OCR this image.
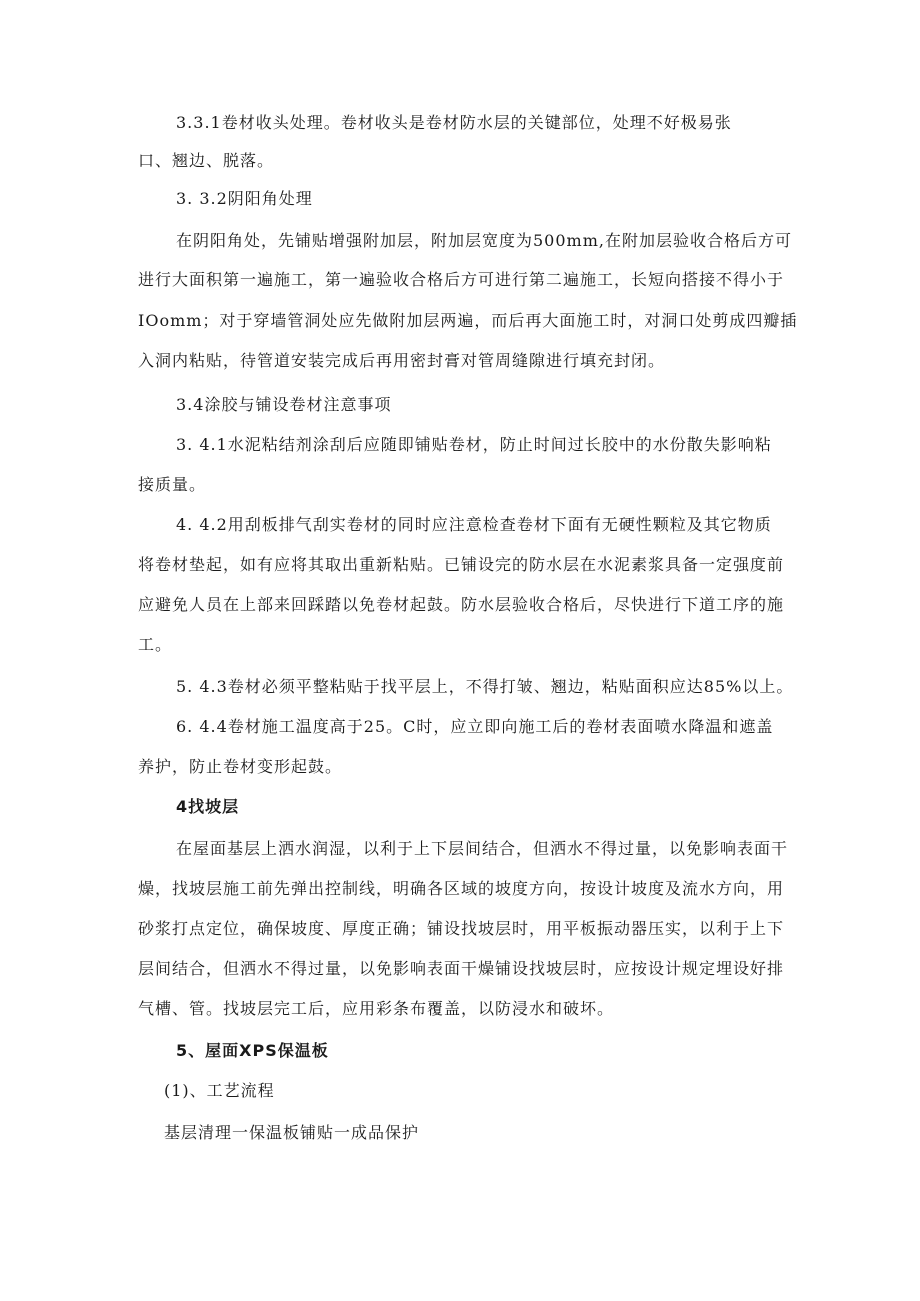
3.3.1卷材收头处理。卷材收头是卷材防水层的关键部位，处理不好极易张
口、翘边、脱落。
3. 3.2阴阳角处理
在阴阳角处，先铺贴增强附加层，附加层宽度为500mm,在附加层验收合格后方可
进行大面积第一遍施工，第一遍验收合格后方可进行第二遍施工，长短向搭接不得小于
IOomm；对于穿墙管洞处应先做附加层两遍，而后再大面施工时，对洞口处剪成四瓣插
入洞内粘贴，待管道安装完成后再用密封膏对管周缝隙进行填充封闭。
3.4涂胶与铺设卷材注意事项
3. 4.1水泥粘结剂涂刮后应随即铺贴卷材，防止时间过长胶中的水份散失影响粘
接质量。
4. 4.2用刮板排气刮实卷材的同时应注意检查卷材下面有无硬性颗粒及其它物质
将卷材垫起，如有应将其取出重新粘贴。已铺设完的防水层在水泥素浆具备一定强度前
应避免人员在上部来回踩踏以免卷材起鼓。防水层验收合格后，尽快进行下道工序的施
工。
5. 4.3卷材必须平整粘贴于找平层上，不得打皱、翘边，粘贴面积应达85%以上。
6. 4.4卷材施工温度高于25。C时，应立即向施工后的卷材表面喷水降温和遮盖
养护，防止卷材变形起鼓。
4找坡层
在屋面基层上洒水润湿，以利于上下层间结合，但洒水不得过量，以免影响表面干
燥，找坡层施工前先弹出控制线，明确各区域的坡度方向，按设计坡度及流水方向，用
砂浆打点定位，确保坡度、厚度正确；铺设找坡层时，用平板振动器压实，以利于上下
层间结合，但洒水不得过量，以免影响表面干燥铺设找坡层时，应按设计规定埋设好排
气槽、管。找坡层完工后，应用彩条布覆盖，以防浸水和破坏。
5、屋面XPS保温板
(1)、工艺流程
基层清理一保温板铺贴一成品保护
